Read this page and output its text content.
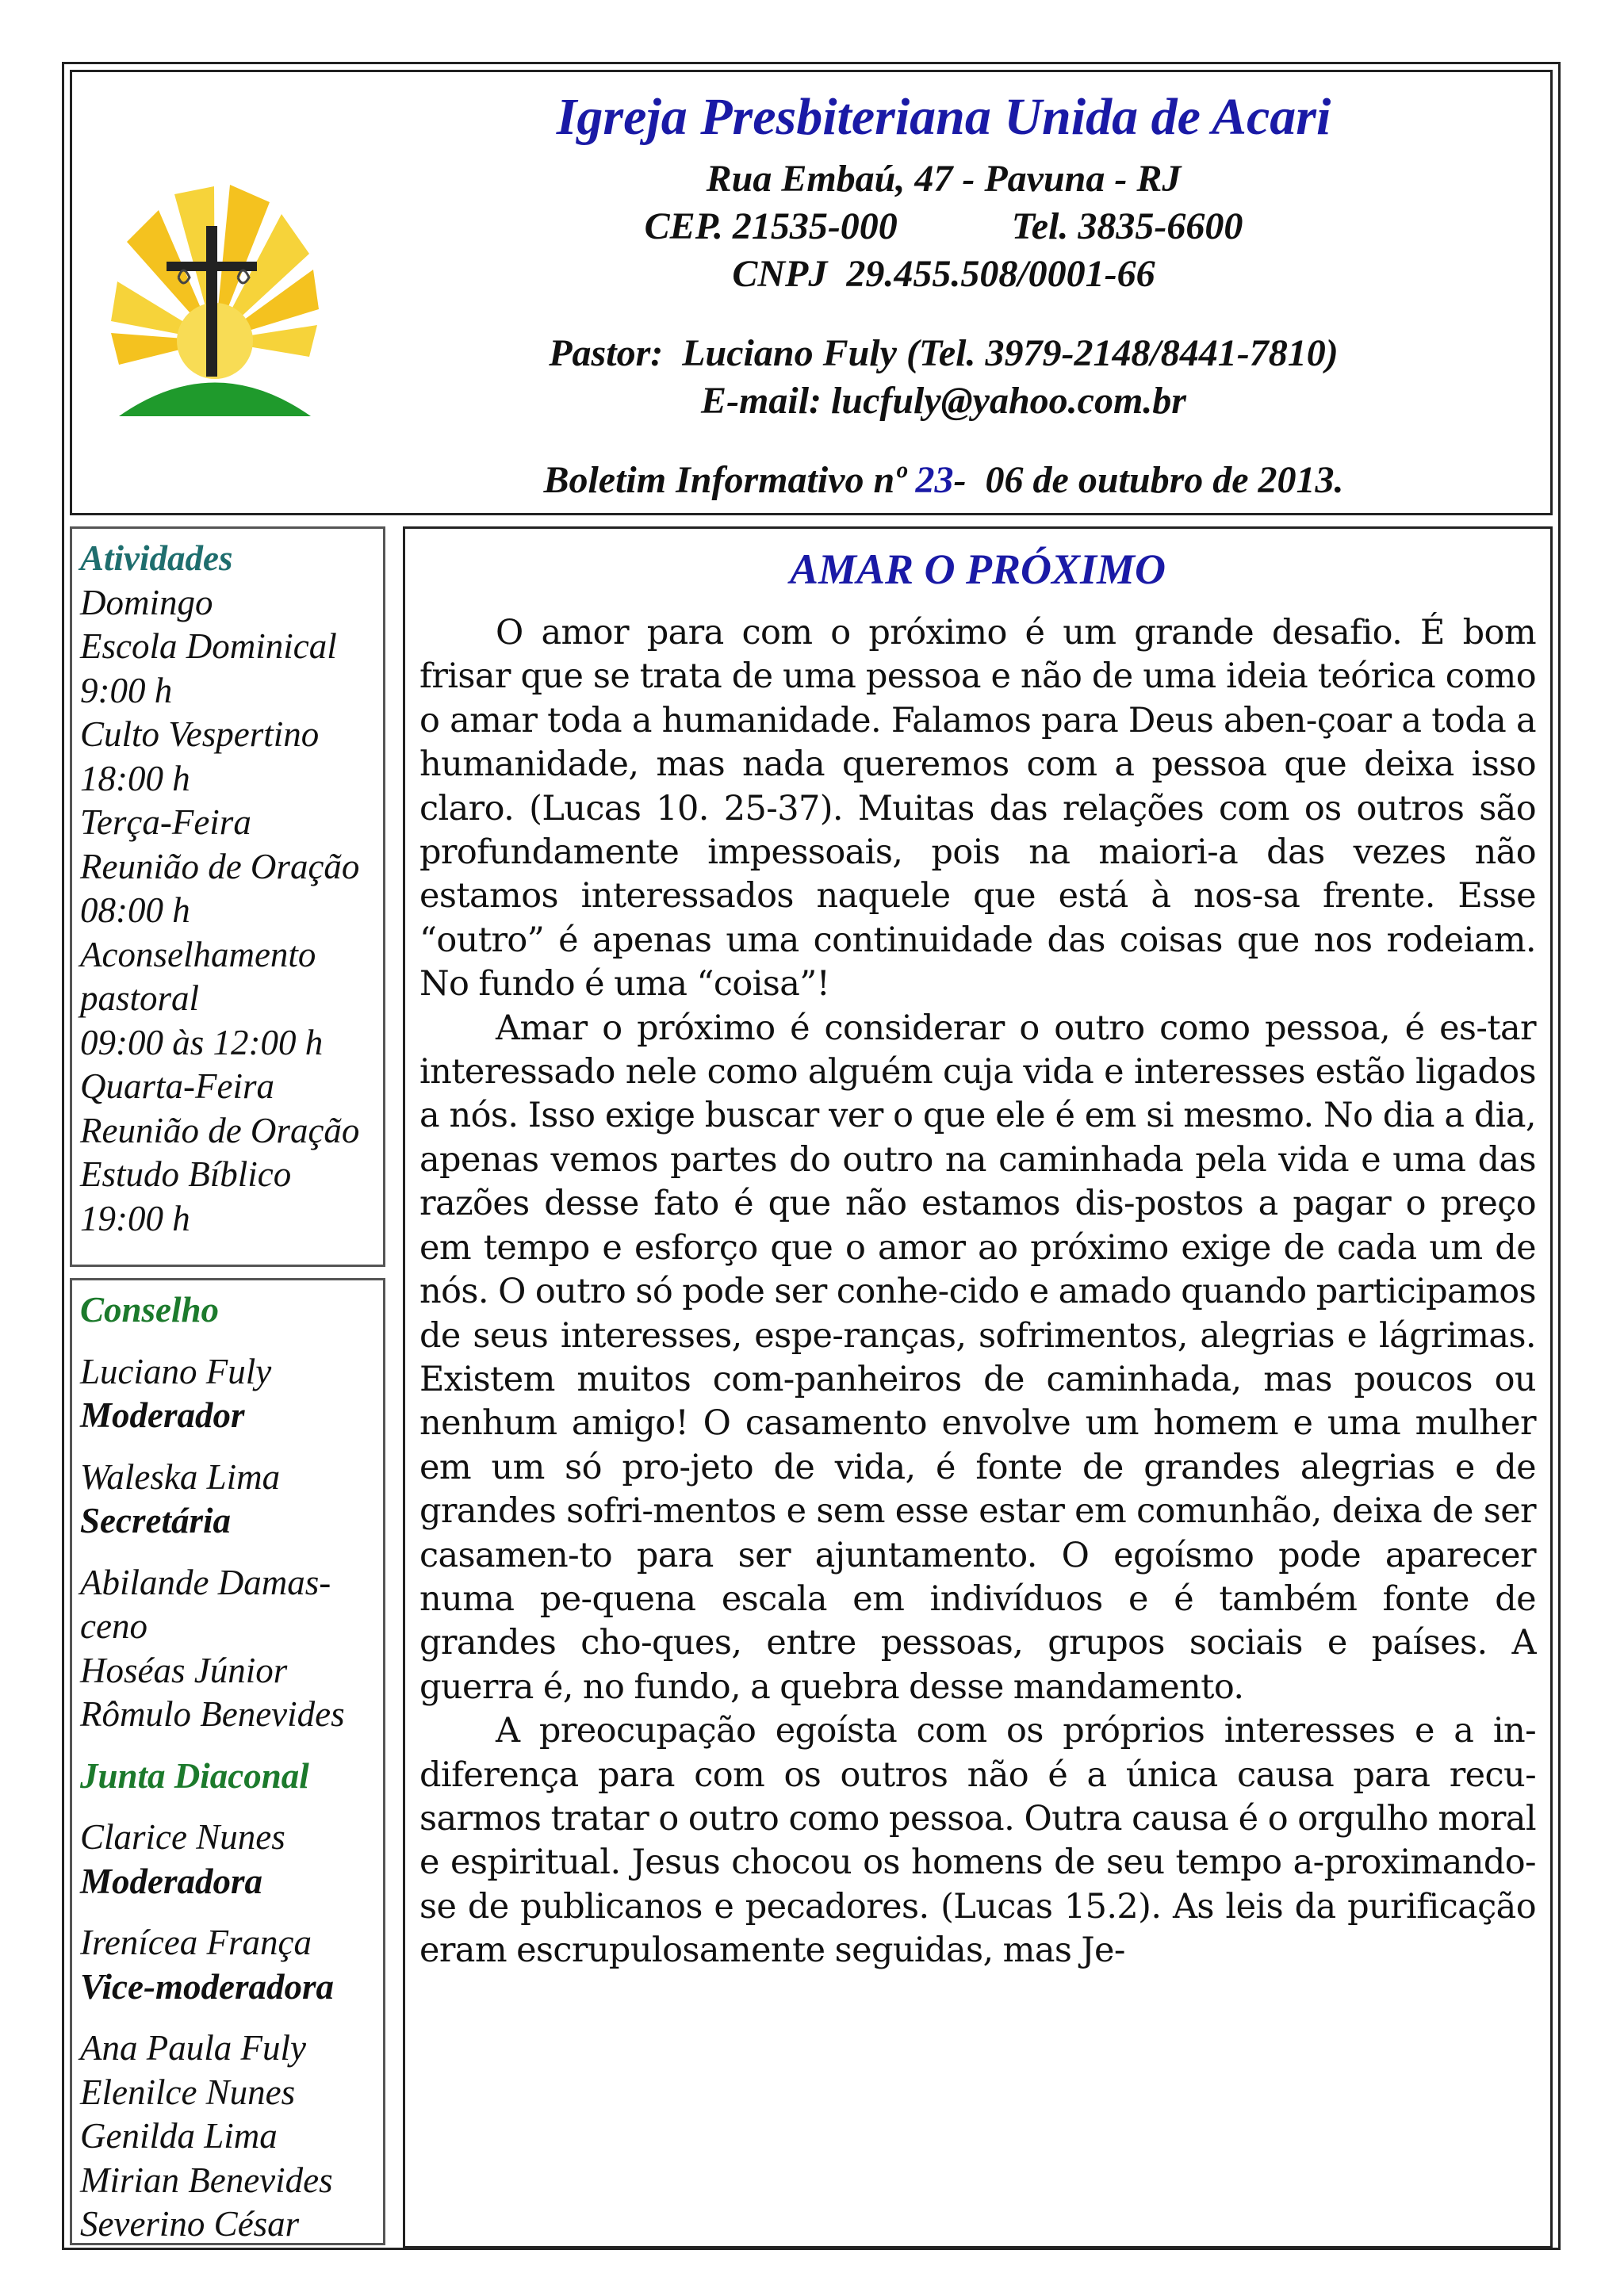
Igreja Presbiteriana Unida de Acari

Rua Embaú, 47 - Pavuna - RJ

CEP. 21535-000            Tel. 3835-6600

CNPJ  29.455.508/0001-66

Pastor:  Luciano Fuly (Tel. 3979-2148/8441-7810)

E-mail: lucfuly@yahoo.com.br

Boletim Informativo nº 23-  06 de outubro de 2013.

Atividades

Domingo

Escola Dominical

9:00 h

Culto Vespertino

18:00 h

Terça-Feira

Reunião de Oração

08:00 h

Aconselhamento

pastoral

09:00 às 12:00 h

Quarta-Feira

Reunião de Oração

Estudo Bíblico

19:00 h

Conselho

Luciano Fuly

Moderador

Waleska Lima

Secretária

Abilande Damas-

ceno

Hoséas Júnior

Rômulo Benevides

Junta Diaconal

Clarice Nunes

Moderadora

Irenícea França

Vice-moderadora

Ana Paula Fuly

Elenilce Nunes

Genilda Lima

Mirian Benevides

Severino César

AMAR O PRÓXIMO

O amor para com o próximo é um grande desafio. É bom frisar que se trata de uma pessoa e não de uma ideia teórica como o amar toda a humanidade. Falamos para Deus aben-çoar a toda a humanidade, mas nada queremos com a pessoa que deixa isso claro. (Lucas 10. 25-37). Muitas das relações com os outros são profundamente impessoais, pois na maiori-a das vezes não estamos interessados naquele que está à nos-sa frente. Esse “outro” é apenas uma continuidade das coisas que nos rodeiam. No fundo é uma “coisa”!

Amar o próximo é considerar o outro como pessoa, é es-tar interessado nele como alguém cuja vida e interesses estão ligados a nós. Isso exige buscar ver o que ele é em si mesmo. No dia a dia, apenas vemos partes do outro na caminhada pela vida e uma das razões desse fato é que não estamos dis-postos a pagar o preço em tempo e esforço que o amor ao próximo exige de cada um de nós. O outro só pode ser conhe-cido e amado quando participamos de seus interesses, espe-ranças, sofrimentos, alegrias e lágrimas. Existem muitos com-panheiros de caminhada, mas poucos ou nenhum amigo! O casamento envolve um homem e uma mulher em um só pro-jeto de vida, é fonte de grandes alegrias e de grandes sofri-mentos e sem esse estar em comunhão, deixa de ser casamen-to para ser ajuntamento. O egoísmo pode aparecer numa pe-quena escala em indivíduos e é também fonte de grandes cho-ques, entre pessoas, grupos sociais e países. A guerra é, no fundo, a quebra desse mandamento.

A preocupação egoísta com os próprios interesses e a in-diferença para com os outros não é a única causa para recu-sarmos tratar o outro como pessoa. Outra causa é o orgulho moral e espiritual. Jesus chocou os homens de seu tempo a-proximando-se de publicanos e pecadores. (Lucas 15.2). As leis da purificação eram escrupulosamente seguidas, mas Je-
